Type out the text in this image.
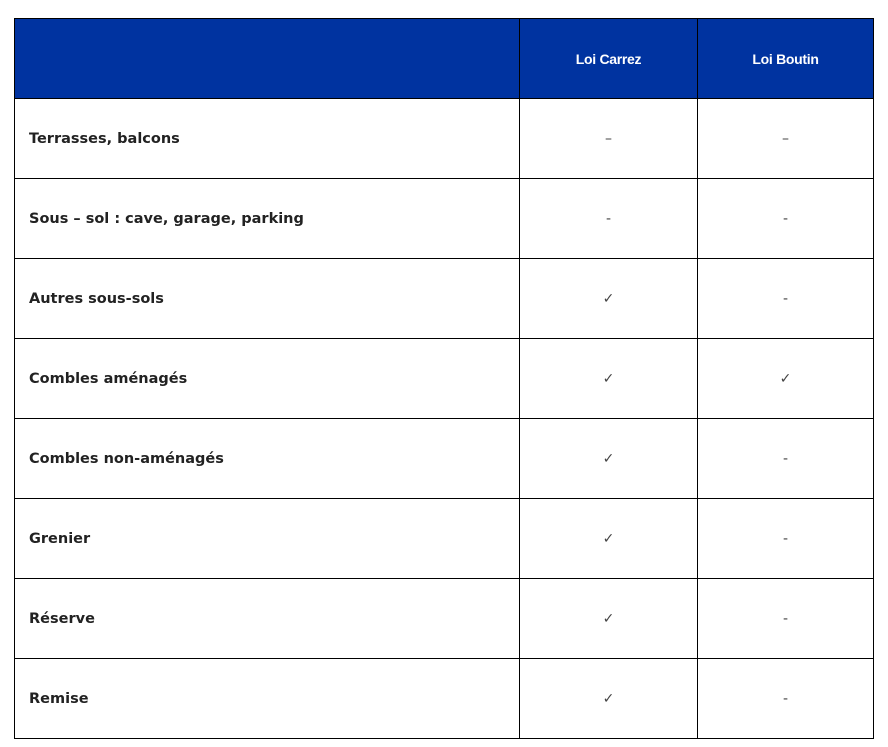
	Loi Carrez	Loi Boutin
Terrasses, balcons	–	–
Sous – sol : cave, garage, parking	-	-
Autres sous-sols	✓	-
Combles aménagés	✓	✓
Combles non-aménagés	✓	-
Grenier	✓	-
Réserve	✓	-
Remise	✓	-
